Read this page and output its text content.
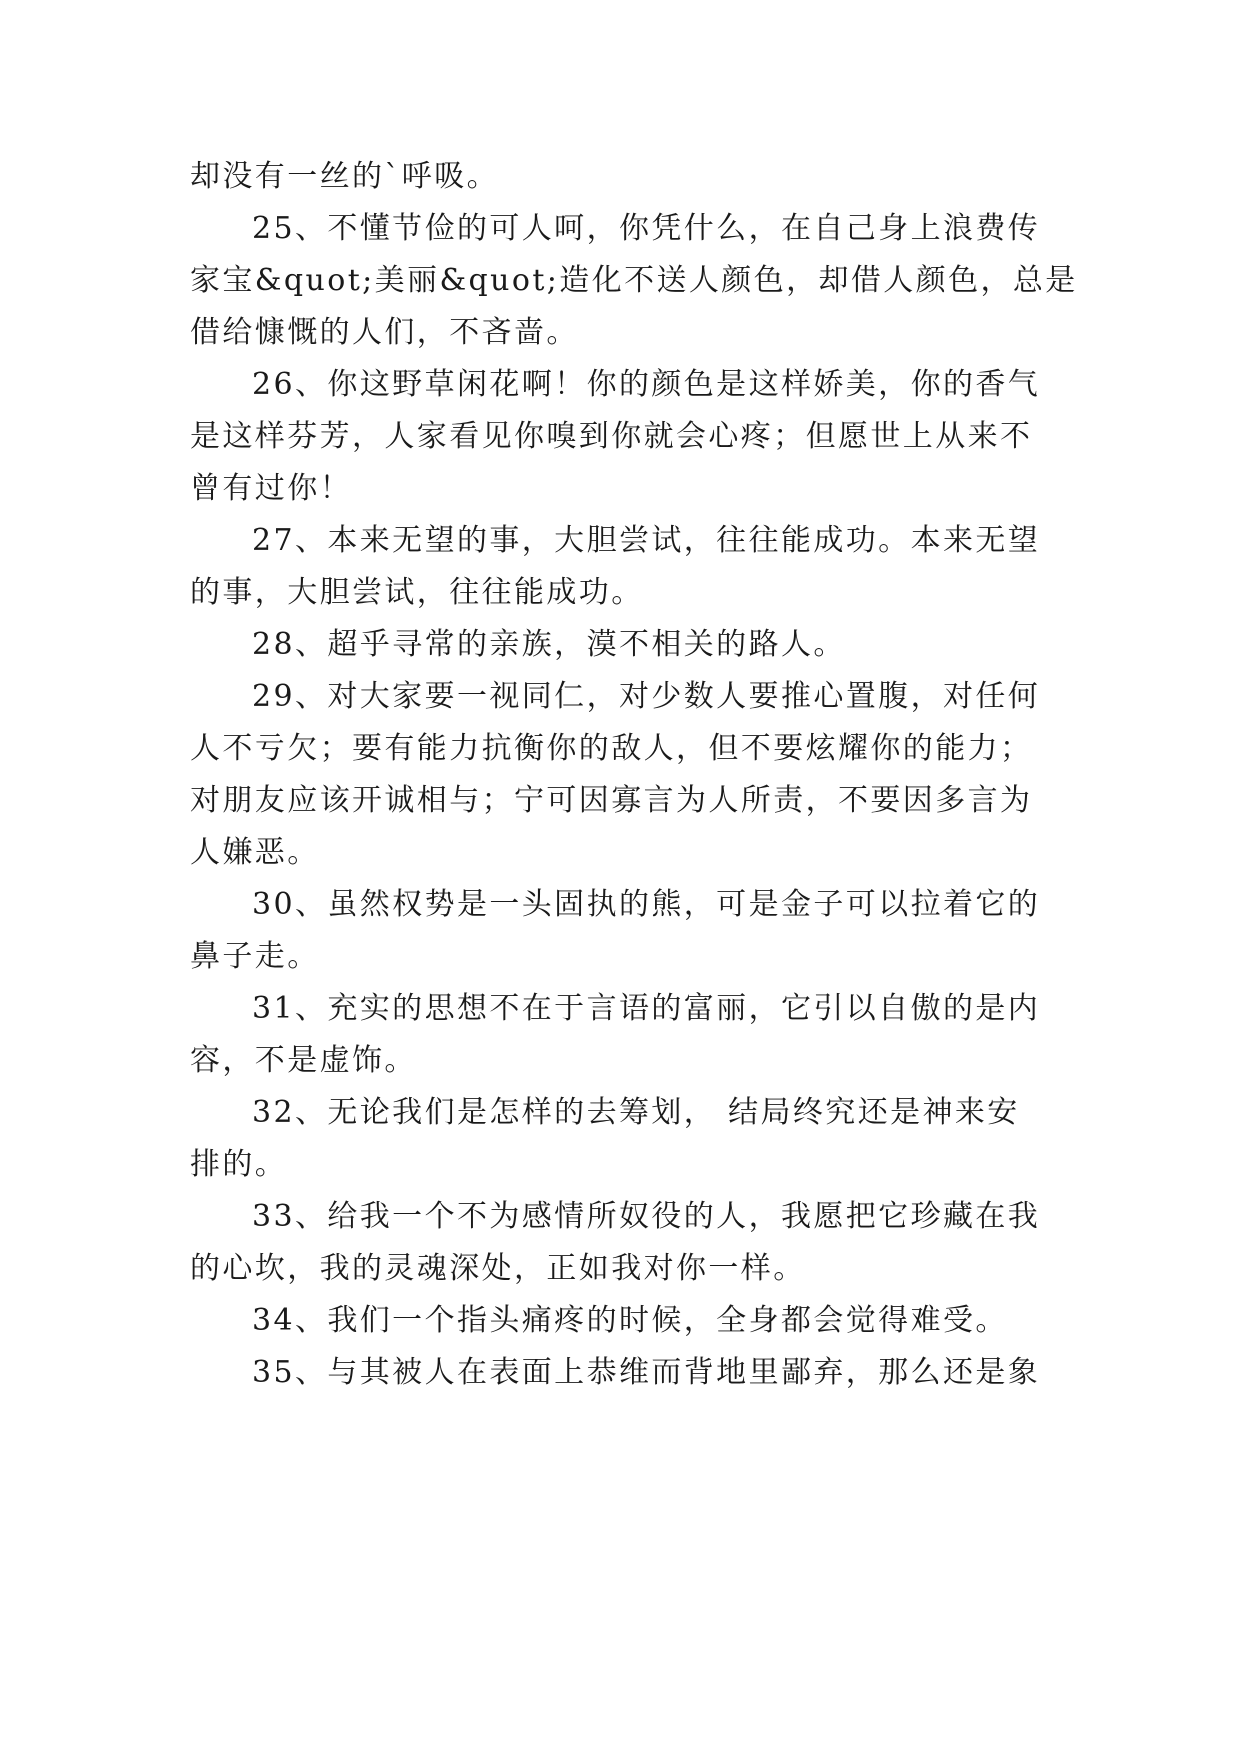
却没有一丝的`呼吸。
25、不懂节俭的可人呵，你凭什么，在自己身上浪费传
家宝&quot;美丽&quot;造化不送人颜色，却借人颜色，总是
借给慷慨的人们，不吝啬。
26、你这野草闲花啊！你的颜色是这样娇美，你的香气
是这样芬芳，人家看见你嗅到你就会心疼；但愿世上从来不
曾有过你！
27、本来无望的事，大胆尝试，往往能成功。本来无望
的事，大胆尝试，往往能成功。
28、超乎寻常的亲族，漠不相关的路人。
29、对大家要一视同仁，对少数人要推心置腹，对任何
人不亏欠；要有能力抗衡你的敌人，但不要炫耀你的能力；
对朋友应该开诚相与；宁可因寡言为人所责，不要因多言为
人嫌恶。
30、虽然权势是一头固执的熊，可是金子可以拉着它的
鼻子走。
31、充实的思想不在于言语的富丽，它引以自傲的是内
容，不是虚饰。
32、无论我们是怎样的去筹划， 结局终究还是神来安
排的。
33、给我一个不为感情所奴役的人，我愿把它珍藏在我
的心坎，我的灵魂深处，正如我对你一样。
34、我们一个指头痛疼的时候，全身都会觉得难受。
35、与其被人在表面上恭维而背地里鄙弃，那么还是象
